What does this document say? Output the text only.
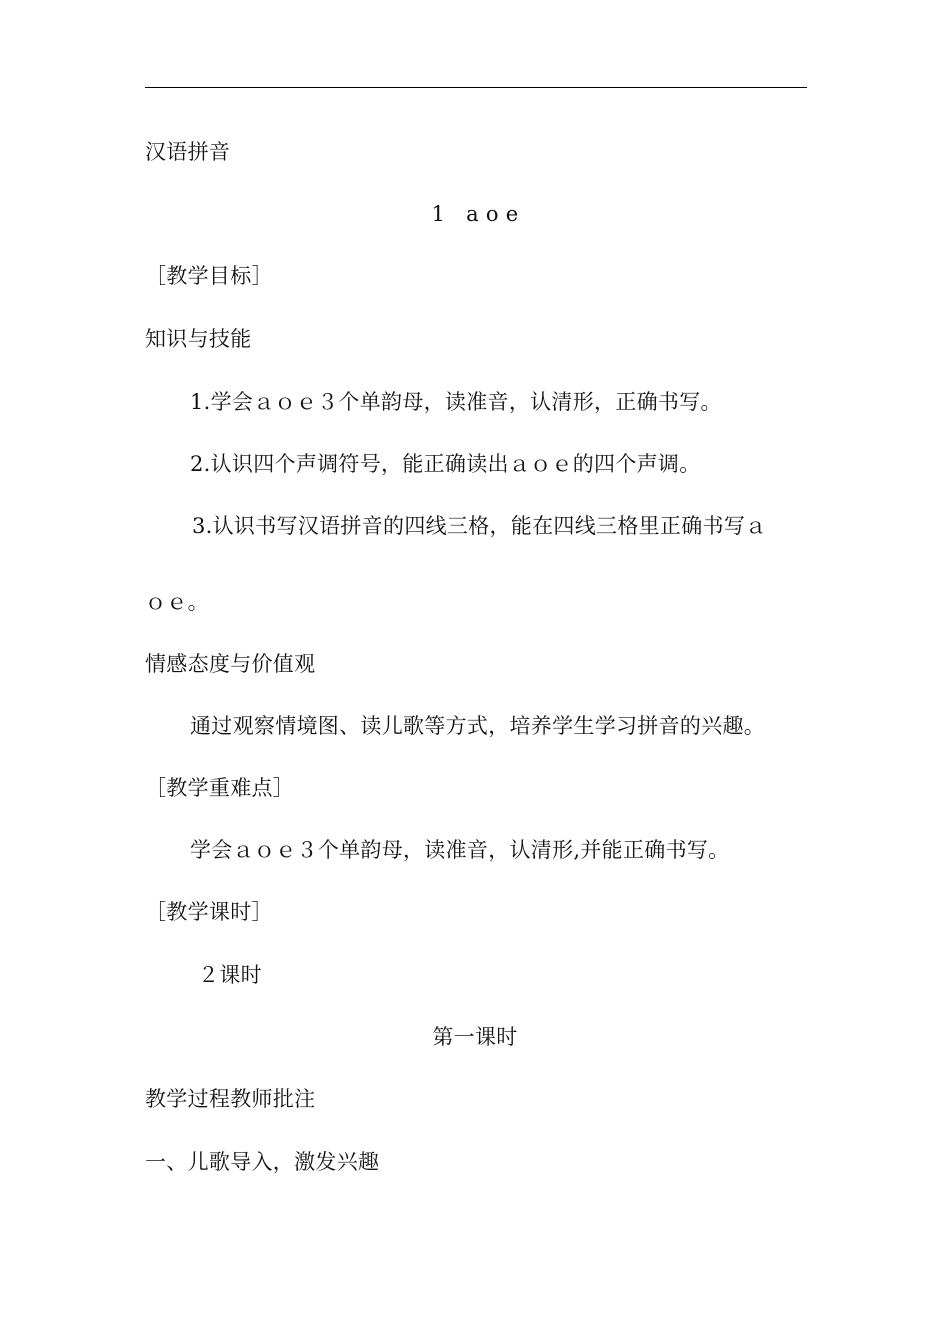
汉语拼音
1   a o e
［教学目标］
知识与技能
1.学会ａｏｅ３个单韵母，读准音，认清形，正确书写。
2.认识四个声调符号，能正确读出ａｏｅ的四个声调。
3.认识书写汉语拼音的四线三格，能在四线三格里正确书写ａ
ｏｅ。
情感态度与价值观
通过观察情境图、读儿歌等方式，培养学生学习拼音的兴趣。
［教学重难点］
学会ａｏｅ３个单韵母，读准音，认清形,并能正确书写。
［教学课时］
２课时
第一课时
教学过程教师批注
一、儿歌导入，激发兴趣
